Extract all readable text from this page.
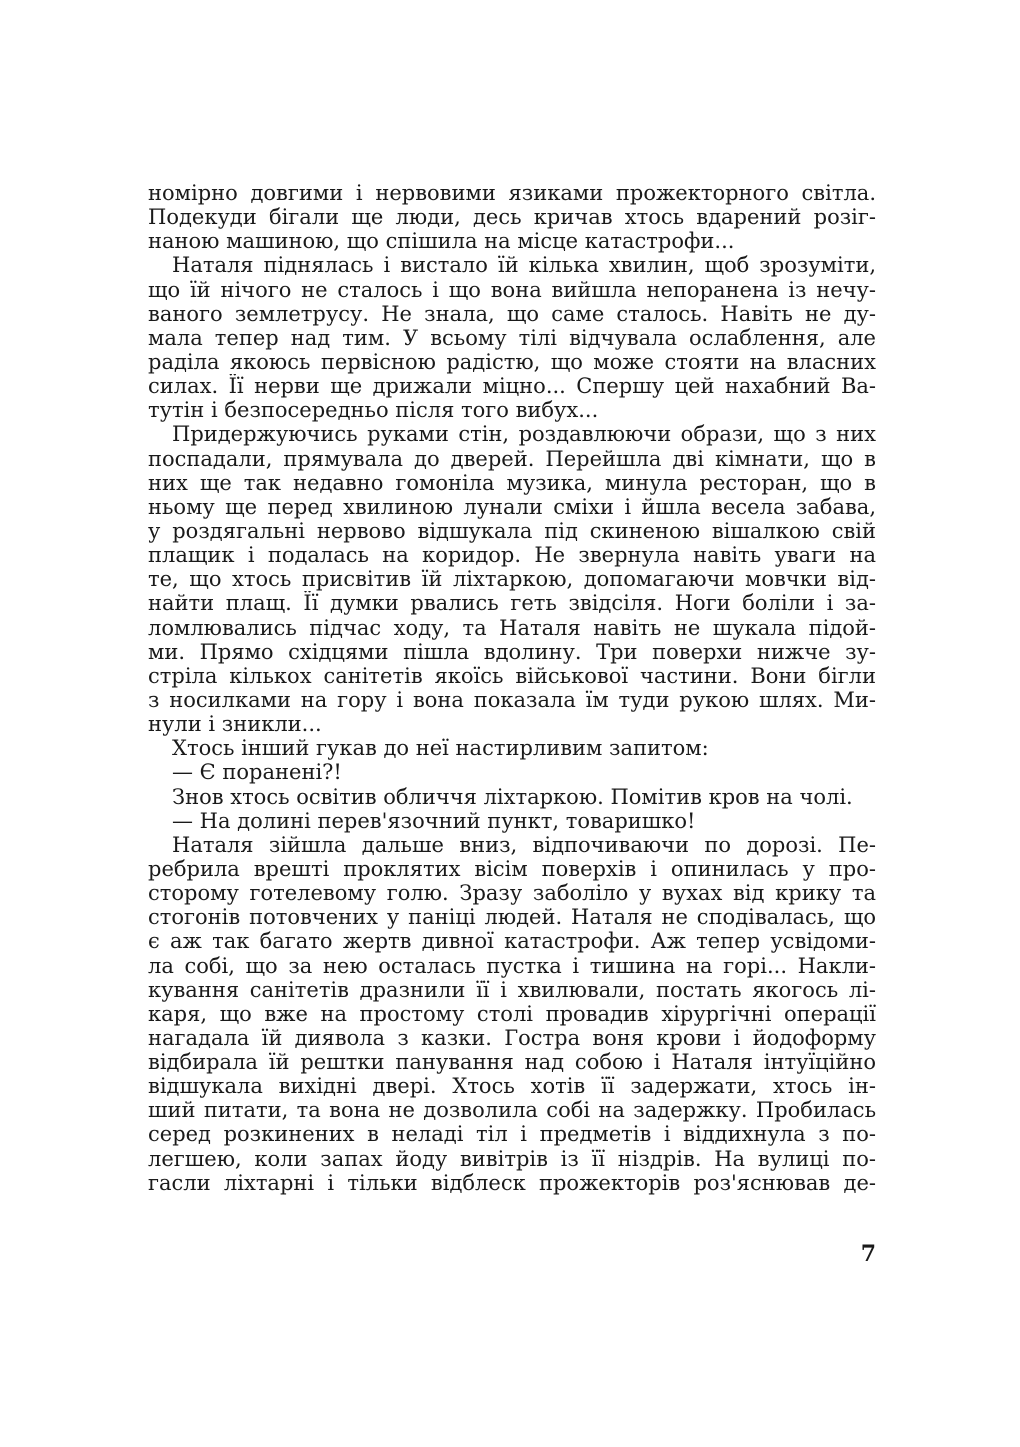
номірно довгими і нервовими язиками прожекторного світла.
Подекуди бігали ще люди, десь кричав хтось вдарений розіг-
наною машиною, що спішила на місце катастрофи...
Наталя піднялась і вистало їй кілька хвилин, щоб зрозуміти,
що їй нічого не сталось і що вона вийшла непоранена із нечу-
ваного землетрусу. Не знала, що саме сталось. Навіть не ду-
мала тепер над тим. У всьому тілі відчувала ослаблення, але
раділа якоюсь первісною радістю, що може стояти на власних
силах. Її нерви ще дрижали міцно... Спершу цей нахабний Ва-
тутін і безпосередньо після того вибух...
Придержуючись руками стін, роздавлюючи образи, що з них
поспадали, прямувала до дверей. Перейшла дві кімнати, що в
них ще так недавно гомоніла музика, минула ресторан, що в
ньому ще перед хвилиною лунали сміхи і йшла весела забава,
у роздягальні нервово відшукала під скиненою вішалкою свій
плащик і подалась на коридор. Не звернула навіть уваги на
те, що хтось присвітив їй ліхтаркою, допомагаючи мовчки від-
найти плащ. Її думки рвались геть звідсіля. Ноги боліли і за-
ломлювались підчас ходу, та Наталя навіть не шукала підой-
ми. Прямо східцями пішла вдолину. Три поверхи нижче зу-
стріла кількох санітетів якоїсь військової частини. Вони бігли
з носилками на гору і вона показала їм туди рукою шлях. Ми-
нули і зникли...
Хтось інший гукав до неї настирливим запитом:
— Є поранені?!
Знов хтось освітив обличчя ліхтаркою. Помітив кров на чолі.
— На долині перев'язочний пункт, товаришко!
Наталя зійшла дальше вниз, відпочиваючи по дорозі. Пе-
ребрила врешті проклятих вісім поверхів і опинилась у про-
сторому готелевому голю. Зразу заболіло у вухах від крику та
стогонів потовчених у паніці людей. Наталя не сподівалась, що
є аж так багато жертв дивної катастрофи. Аж тепер усвідоми-
ла собі, що за нею осталась пустка і тишина на горі... Накли-
кування санітетів дразнили її і хвилювали, постать якогось лі-
каря, що вже на простому столі провадив хірургічні операції
нагадала їй диявола з казки. Гостра воня крови і йодоформу
відбирала їй рештки панування над собою і Наталя інтуїційно
відшукала вихідні двері. Хтось хотів її задержати, хтось ін-
ший питати, та вона не дозволила собі на задержку. Пробилась
серед розкинених в неладі тіл і предметів і віддихнула з по-
легшею, коли запах йоду вивітрів із її ніздрів. На вулиці по-
гасли ліхтарні і тільки відблеск прожекторів роз'яснював де-
7
